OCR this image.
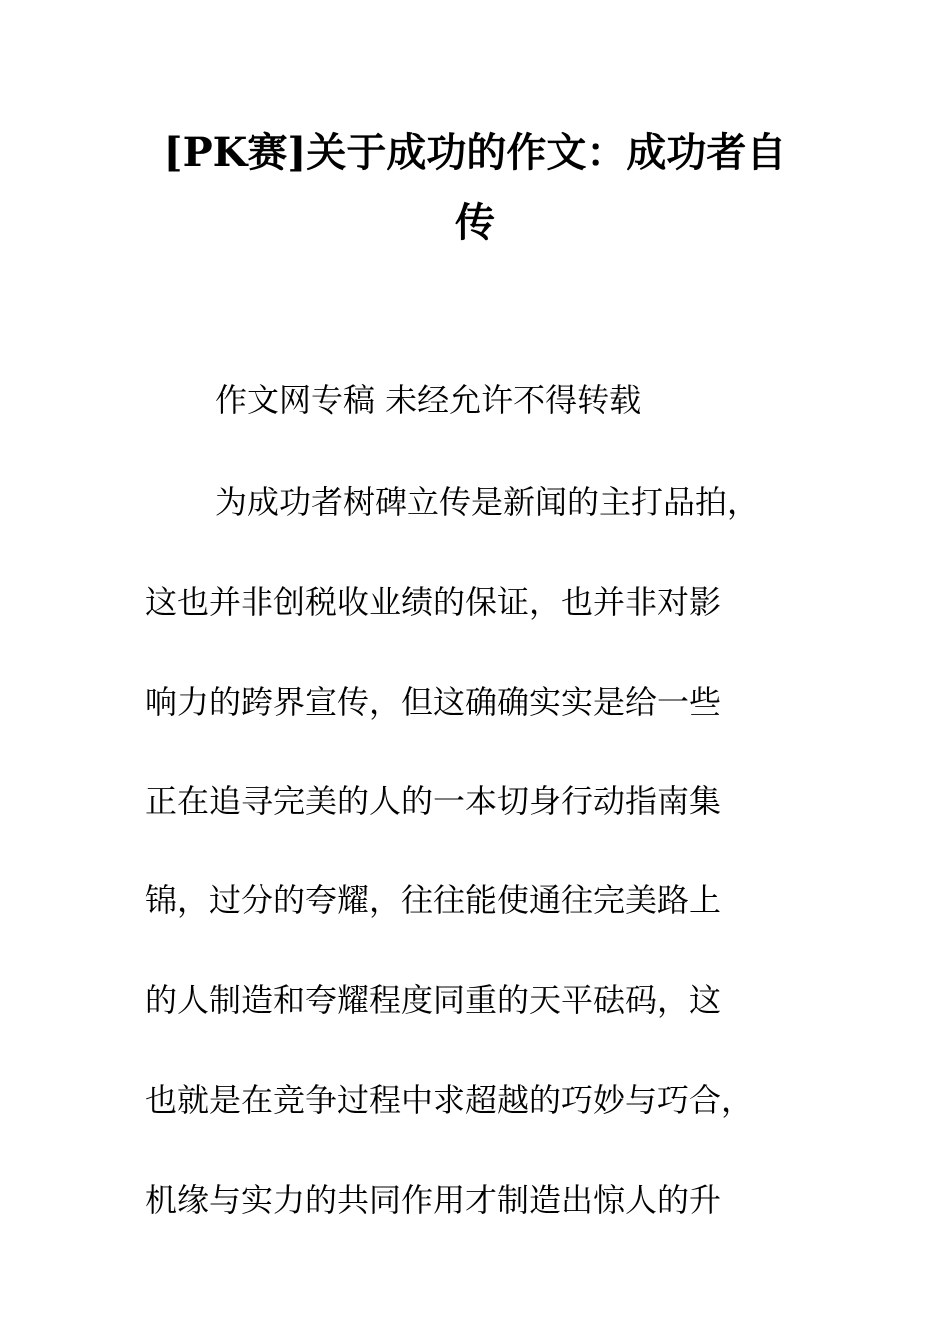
[PK赛]关于成功的作文：成功者自
传

作文网专稿 未经允许不得转载

为成功者树碑立传是新闻的主打品拍，

这也并非创税收业绩的保证，也并非对影

响力的跨界宣传，但这确确实实是给一些

正在追寻完美的人的一本切身行动指南集

锦，过分的夸耀，往往能使通往完美路上

的人制造和夸耀程度同重的天平砝码，这

也就是在竞争过程中求超越的巧妙与巧合，

机缘与实力的共同作用才制造出惊人的升
